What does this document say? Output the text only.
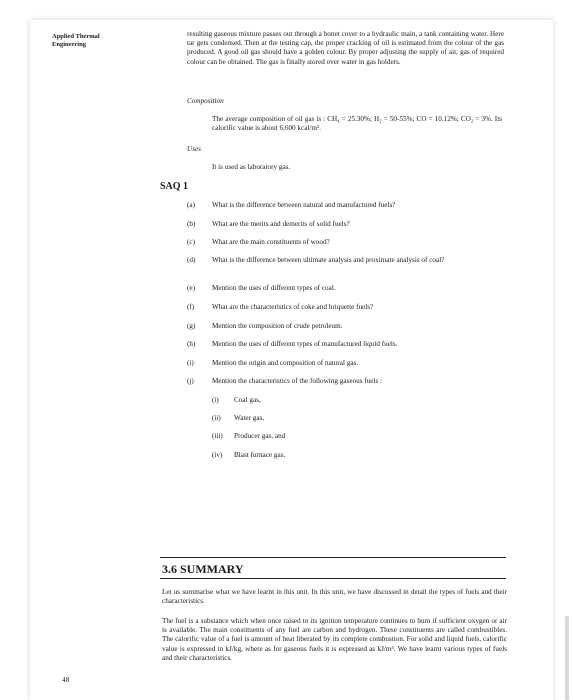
Applied Thermal
Engineering
resulting gaseous mixture passes out through a bonet cover to a hydraulic main, a tank containing water. Here tar gets condensed. Then at the testing cap, the proper cracking of oil is estimated from the colour of the gas produced. A good oil gas should have a golden colour. By proper adjusting the supply of air, gas of required colour can be obtained. The gas is finally stored over water in gas holders.
Composition
The average composition of oil gas is : CH₄ = 25.30%; H₂ = 50-55%; CO = 10.12%; CO₂ = 3%. Its calorific value is about 6,600 kcal/m³.
Uses
It is used as laboratory gas.
SAQ 1
(a)	What is the difference between natural and manufactured fuels?
(b)	What are the merits and demerits of solid fuels?
(c)	What are the main constituents of wood?
(d)	What is the difference between ultimate analysis and proximate analysis of coal?
(e)	Mention the uses of different types of coal.
(f)	What are the characteristics of coke and briquette fuels?
(g)	Mention the composition of crude petroleum.
(h)	Mention the uses of different types of manufactured liquid fuels.
(i)	Mention the origin and composition of natural gas.
(j)	Mention the characteristics of the following gaseous fuels :
(i) Coal gas,
(ii) Water gas,
(iii) Producer gas, and
(iv) Blast furnace gas.
3.6 SUMMARY
Let us summarise what we have learnt in this unit. In this unit, we have discussed in detail the types of fuels and their characteristics.
The fuel is a substance which when once raised to its ignition temperature continues to burn if sufficient oxygen or air is available. The main constituents of any fuel are carbon and hydrogen. These constituents are called combustibles. The calorific value of a fuel is amount of heat liberated by its complete combustion. For solid and liquid fuels, calorific value is expressed in kJ/kg, where as for gaseous fuels it is expressed as kJ/m³. We have learnt various types of fuels and their characteristics.
48
